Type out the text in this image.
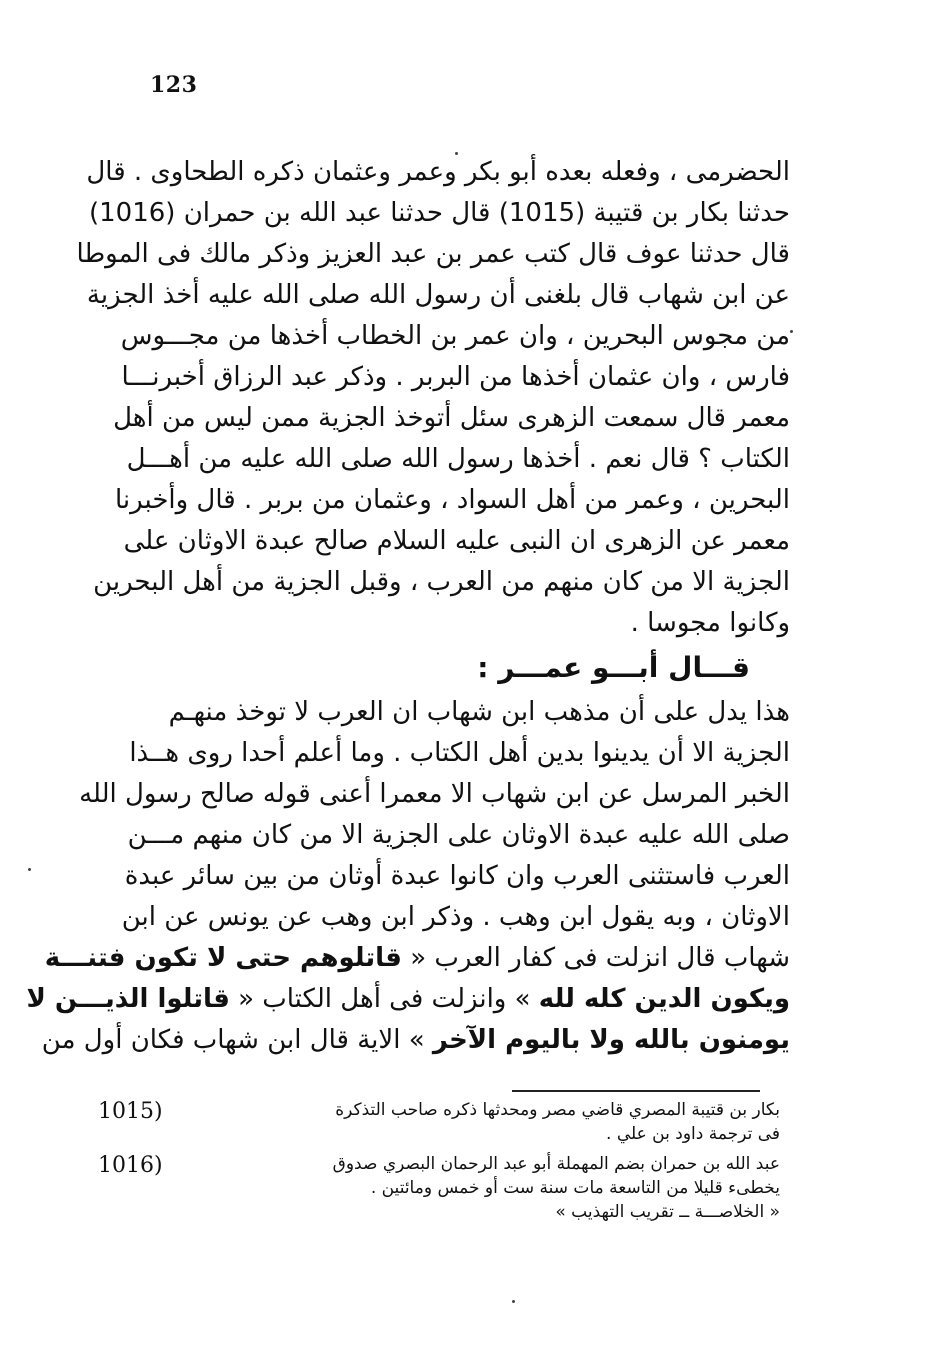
123
الحضرمى ، وفعله بعده أبو بكر وعمر وعثمان ذكره الطحاوى . قال
حدثنا بكار بن قتيبة (1015) قال حدثنا عبد الله بن حمران (1016)
قال حدثنا عوف قال كتب عمر بن عبد العزيز وذكر مالك فى الموطا
عن ابن شهاب قال بلغنى أن رسول الله صلى الله عليه أخذ الجزية
من مجوس البحرين ، وان عمر بن الخطاب أخذها من مجـــوس
فارس ، وان عثمان أخذها من البربر . وذكر عبد الرزاق أخبرنـــا
معمر قال سمعت الزهرى سئل أتوخذ الجزية ممن ليس من أهل
الكتاب ؟ قال نعم . أخذها رسول الله صلى الله عليه من أهـــل
البحرين ، وعمر من أهل السواد ، وعثمان من بربر . قال وأخبرنا
معمر عن الزهرى ان النبى عليه السلام صالح عبدة الاوثان على
الجزية الا من كان منهم من العرب ، وقبل الجزية من أهل البحرين
وكانوا مجوسا .
قـــال أبـــو عمـــر :
هذا يدل على أن مذهب ابن شهاب ان العرب لا توخذ منهـم
الجزية الا أن يدينوا بدين أهل الكتاب . وما أعلم أحدا روى هــذا
الخبر المرسل عن ابن شهاب الا معمرا أعنى قوله صالح رسول الله
صلى الله عليه عبدة الاوثان على الجزية الا من كان منهم مـــن
العرب فاستثنى العرب وان كانوا عبدة أوثان من بين سائر عبدة
الاوثان ، وبه يقول ابن وهب . وذكر ابن وهب عن يونس عن ابن
شهاب قال انزلت فى كفار العرب « قاتلوهم حتى لا تكون فتنـــة
ويكون الدين كله لله » وانزلت فى أهل الكتاب « قاتلوا الذيـــن لا
يومنون بالله ولا باليوم الآخر » الاية قال ابن شهاب فكان أول من
بكار بن قتيبة المصري قاضي مصر ومحدثها ذكره صاحب التذكرة
فى ترجمة داود بن علي .
1015)
عبد الله بن حمران بضم المهملة أبو عبد الرحمان البصري صدوق
يخطىء قليلا من التاسعة مات سنة ست أو خمس ومائتين .
« الخلاصـــة ــ تقريب التهذيب »
1016)
